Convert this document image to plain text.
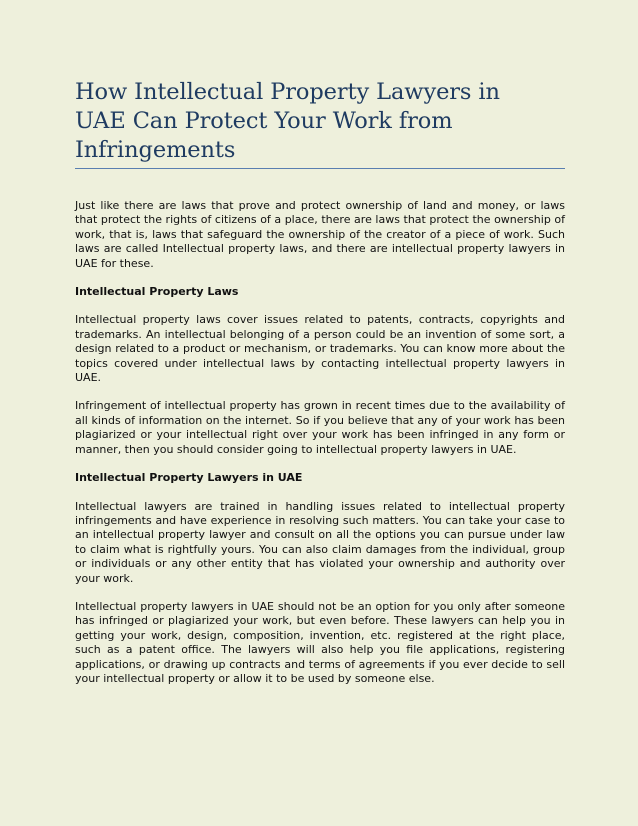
How Intellectual Property Lawyers in
UAE Can Protect Your Work from
Infringements

Just like there are laws that prove and protect ownership of land and money, or laws that protect the rights of citizens of a place, there are laws that protect the ownership of work, that is, laws that safeguard the ownership of the creator of a piece of work. Such laws are called Intellectual property laws, and there are intellectual property lawyers in UAE for these.

Intellectual Property Laws

Intellectual property laws cover issues related to patents, contracts, copyrights and trademarks. An intellectual belonging of a person could be an invention of some sort, a design related to a product or mechanism, or trademarks. You can know more about the topics covered under intellectual laws by contacting intellectual property lawyers in UAE.

Infringement of intellectual property has grown in recent times due to the availability of all kinds of information on the internet. So if you believe that any of your work has been plagiarized or your intellectual right over your work has been infringed in any form or manner, then you should consider going to intellectual property lawyers in UAE.

Intellectual Property Lawyers in UAE

Intellectual lawyers are trained in handling issues related to intellectual property infringements and have experience in resolving such matters. You can take your case to an intellectual property lawyer and consult on all the options you can pursue under law to claim what is rightfully yours. You can also claim damages from the individual, group or individuals or any other entity that has violated your ownership and authority over your work.

Intellectual property lawyers in UAE should not be an option for you only after someone has infringed or plagiarized your work, but even before. These lawyers can help you in getting your work, design, composition, invention, etc. registered at the right place, such as a patent office. The lawyers will also help you file applications, registering applications, or drawing up contracts and terms of agreements if you ever decide to sell your intellectual property or allow it to be used by someone else.
